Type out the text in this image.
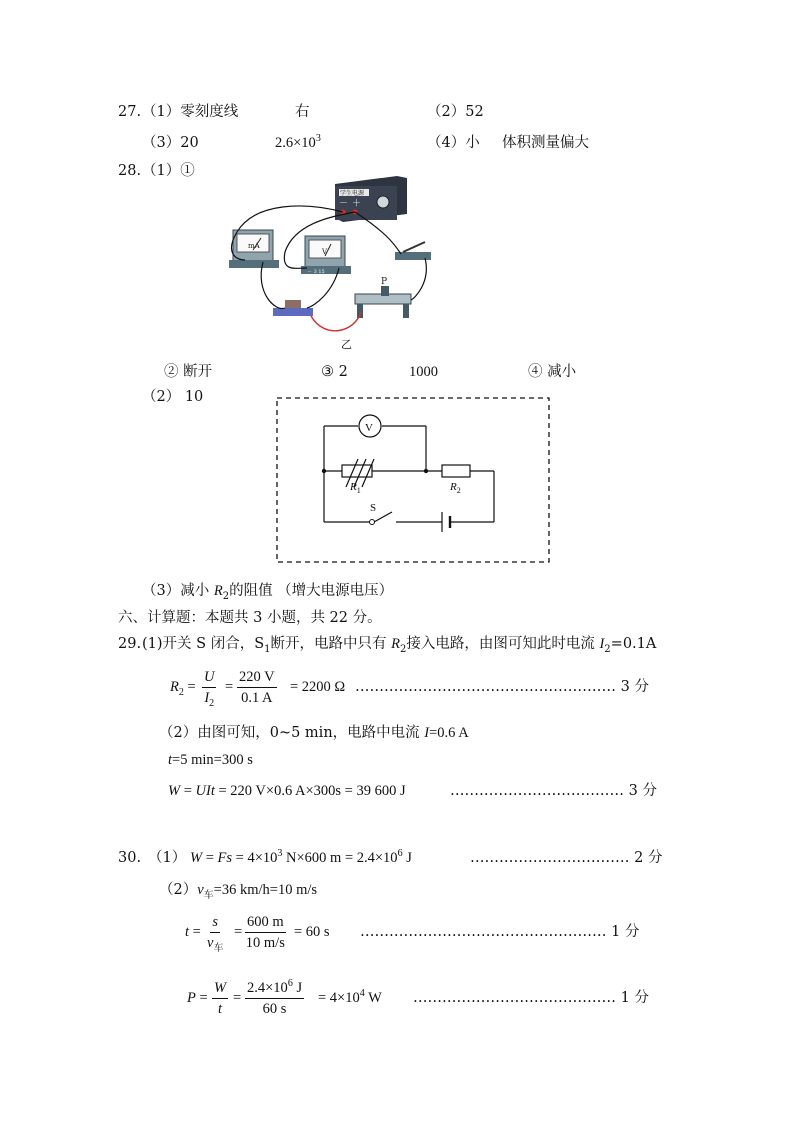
27. （1）零刻度线	右	（2）52
（3）20	$2.6\times 10^3$	（4）小 体积测量偏大
28. （1）①
学生电源
－ ＋
mA
V
－ 3 15
P
乙
② 断开	③ 2	1000	④ 减小
（2） 10
V
$R_1$	$R_2$
S
（3）减小 $R_2$的阻值 （增大电源电压）
六、计算题：本题共 3 小题，共 22 分。
29. (1)开关 S 闭合，$S_1$断开，电路中只有 $R_2$接入电路，由图可知此时电流 $I_2=0.1A$
$R_2$ =
U
$I_2$
=
220 V
0.1 A
= 2200 Ω ……………………………………………… 3 分
（2）由图可知，0~5 min，电路中电流 I=0.6 A
t=5 min=300 s
W = UIt = 220 V×0.6 A×300s = 39 600 J	……………………………… 3 分
30. （1） $W = Fs = 4\times 10^3$ N×600 $m = 2.4\times 10^6$ J	…………………………… 2 分
$(2)v_车=36$ km/h=10 m/s
t =
s
$v_车$
=
600 m
10 m/s
= 60 s …………………………………………… 1 分
P =
W
t
=
$2.4\times 10^6$ J
60 s
= $4\times 10^4$ W …………………………………… 1 分
